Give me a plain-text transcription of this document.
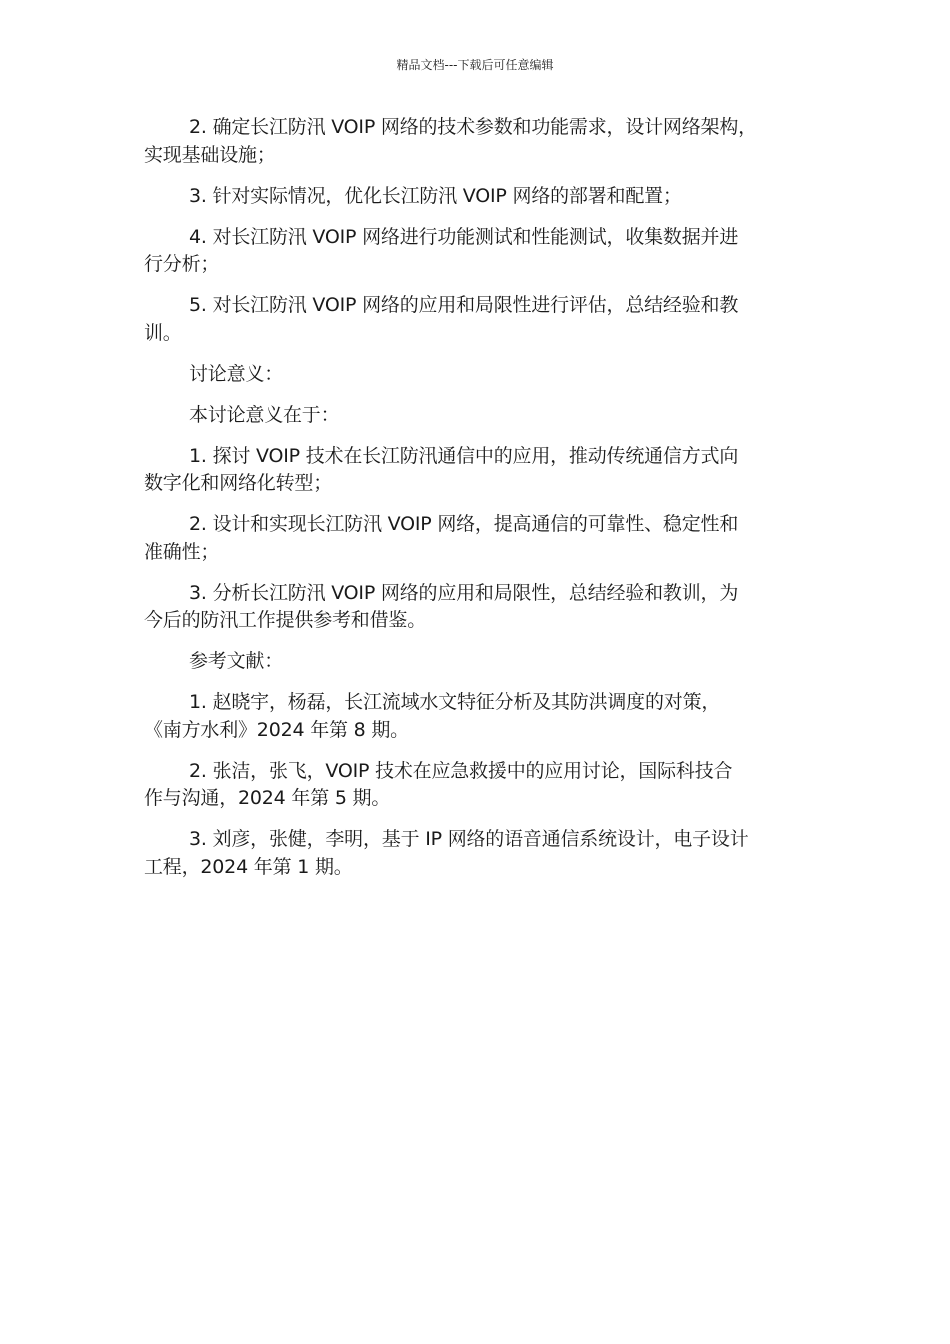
精品文档---下载后可任意编辑

2. 确定长江防汛 VOIP 网络的技术参数和功能需求，设计网络架构，
实现基础设施；

3. 针对实际情况，优化长江防汛 VOIP 网络的部署和配置；

4. 对长江防汛 VOIP 网络进行功能测试和性能测试，收集数据并进
行分析；

5. 对长江防汛 VOIP 网络的应用和局限性进行评估，总结经验和教
训。

讨论意义：

本讨论意义在于：

1. 探讨 VOIP 技术在长江防汛通信中的应用，推动传统通信方式向
数字化和网络化转型；

2. 设计和实现长江防汛 VOIP 网络，提高通信的可靠性、稳定性和
准确性；

3. 分析长江防汛 VOIP 网络的应用和局限性，总结经验和教训，为
今后的防汛工作提供参考和借鉴。

参考文献：

1. 赵晓宇，杨磊，长江流域水文特征分析及其防洪调度的对策，
《南方水利》2024 年第 8 期。

2. 张洁，张飞，VOIP 技术在应急救援中的应用讨论，国际科技合
作与沟通，2024 年第 5 期。

3. 刘彦，张健，李明，基于 IP 网络的语音通信系统设计，电子设计
工程，2024 年第 1 期。
